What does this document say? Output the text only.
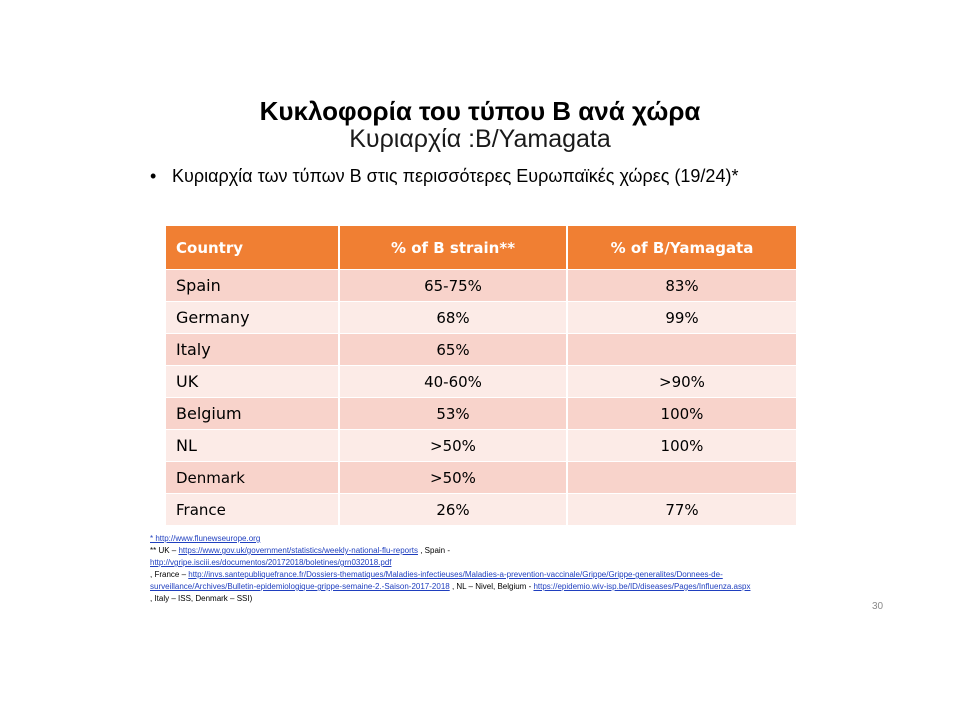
Κυκλοφορία του τύπου Β ανά χώρα
Κυριαρχία :B/Yamagata
• Κυριαρχία των τύπων Β στις περισσότερες Ευρωπαϊκές χώρες (19/24)*
Country	% of B strain**	% of B/Yamagata
Spain	65-75%	83%
Germany	68%	99%
Italy	65%	
UK	40-60%	>90%
Belgium	53%	100%
NL	>50%	100%
Denmark	>50%	
France	26%	77%
* http://www.flunewseurope.org
** UK – https://www.gov.uk/government/statistics/weekly-national-flu-reports , Spain -
http://vgripe.isciii.es/documentos/20172018/boletines/grn032018.pdf
, France – http://invs.santepubliquefrance.fr/Dossiers-thematiques/Maladies-infectieuses/Maladies-a-prevention-vaccinale/Grippe/Grippe-generalites/Donnees-de-surveillance/Archives/Bulletin-epidemiologique-grippe-semaine-2.-Saison-2017-2018 , NL – Nivel, Belgium - https://epidemio.wiv-isp.be/ID/diseases/Pages/Influenza.aspx
, Italy – ISS, Denmark – SSI)
30
